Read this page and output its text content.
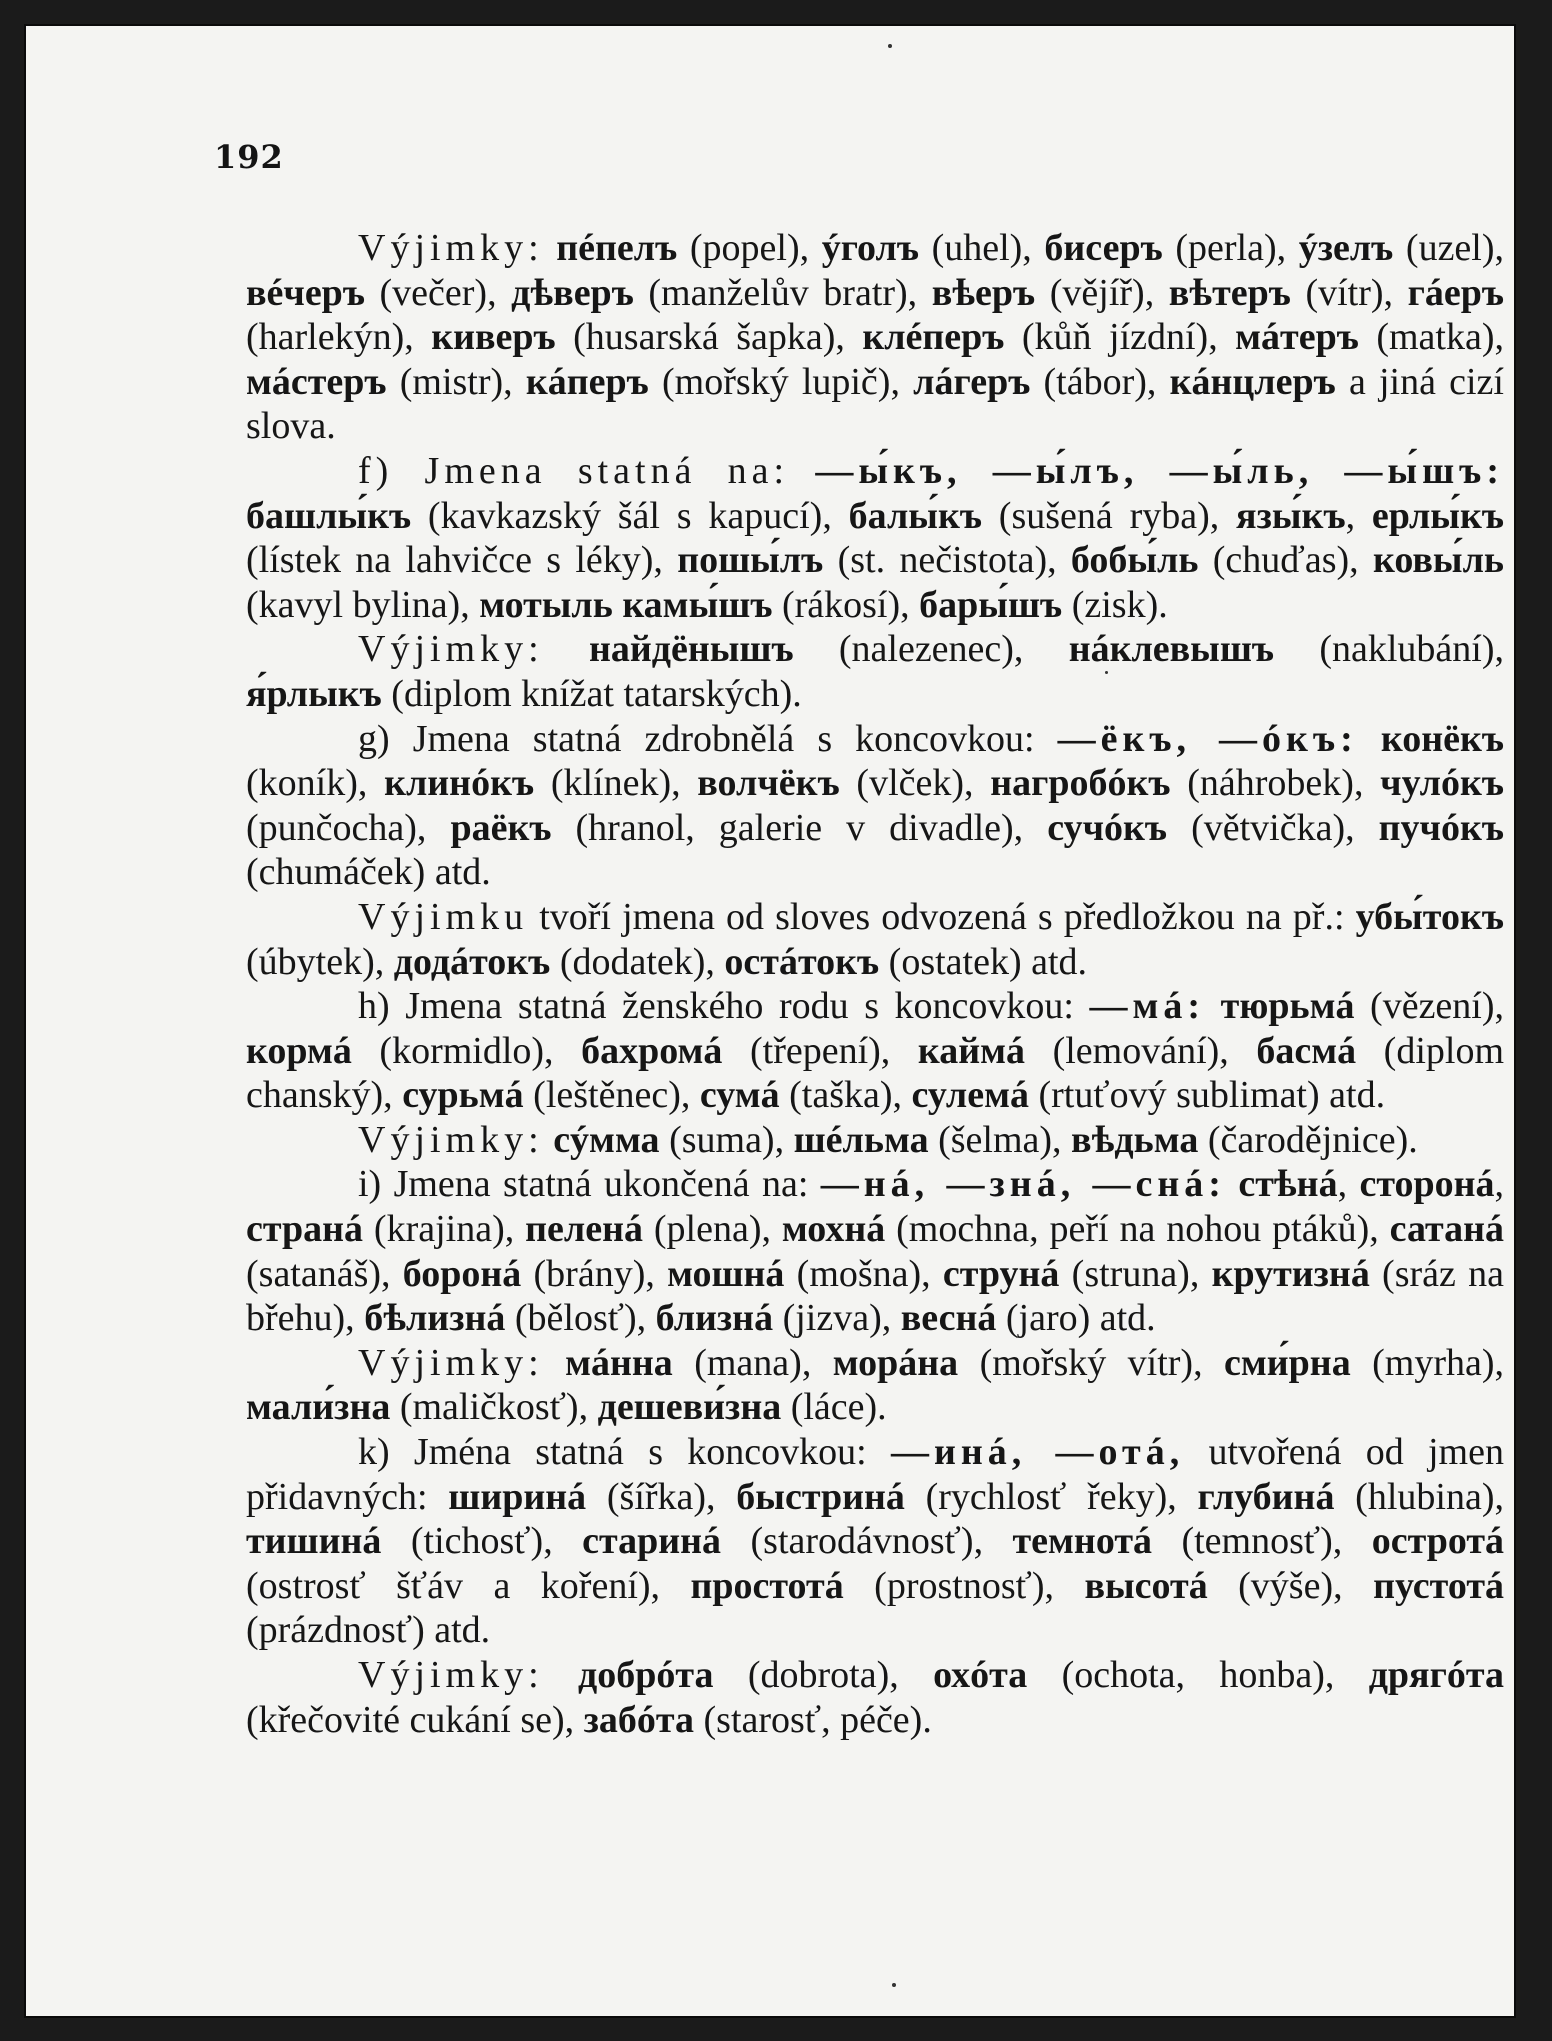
192

Výjimky: пéпелъ (popel), ýголъ (uhel), бисеръ (perla), ýзелъ (uzel), вéчеръ (večer), дѣверъ (manželův bratr), вѣеръ (vějíř), вѣтеръ (vítr), гáеръ (harlekýn), киверъ (husarská šapka), клéперъ (kůň jízdní), мáтеръ (matka), мáстеръ (mistr), кáперъ (mořský lupič), лáгеръ (tábor), кáнцлеръ a jiná cizí slova.

f) Jmena statná na: —ы́къ, —ы́лъ, —ы́ль, —ы́шъ: башлы́къ (kavkazský šál s kapucí), балы́къ (sušená ryba), язы́къ, ерлы́къ (lístek na lahvičce s léky), пошы́лъ (st. nečistota), бобы́ль (chuďas), ковы́ль (kavyl bylina), мотыль камы́шъ (rákosí), бары́шъ (zisk).

Výjimky: найдёнышъ (nalezenec), нáклевышъ (naklubání), я́рлыкъ (diplom knížat tatarských).

g) Jmena statná zdrobnělá s koncovkou: —ёкъ, —óкъ: конёкъ (koník), клинóкъ (klínek), волчёкъ (vlček), нагробóкъ (náhrobek), чулóкъ (punčocha), раёкъ (hranol, galerie v divadle), сучóкъ (větvička), пучóкъ (chumáček) atd.

Výjimku tvoří jmena od sloves odvozená s předložkou na př.: убы́токъ (úbytek), додáтокъ (dodatek), остáтокъ (ostatek) atd.

h) Jmena statná ženského rodu s koncovkou: —мá: тюрьмá (vězení), кормá (kormidlo), бахромá (třepení), каймá (lemování), басмá (diplom chanský), сурьмá (leštěnec), сумá (taška), сулемá (rtuťový sublimat) atd.

Výjimky: сýмма (suma), шéльма (šelma), вѣдьма (čarodějnice).

i) Jmena statná ukončená na: —нá, —знá, —снá: стѣнá, сторонá, странá (krajina), пеленá (plena), мохнá (mochna, peří na nohou ptáků), сатанá (satanáš), боронá (brány), мошнá (mošna), струнá (struna), крутизнá (sráz na břehu), бѣлизнá (bělosť), близнá (jizva), веснá (jaro) atd.

Výjimky: мáнна (mana), морáна (mořský vítr), сми́рна (myrha), мали́зна (maličkosť), дешеви́зна (láce).

k) Jména statná s koncovkou: —инá, —отá, utvořená od jmen přidavných: ширинá (šířka), быстринá (rychlosť řeky), глубинá (hlubina), тишинá (tichosť), стаpинá (starodávnosť), темнотá (temnosť), остротá (ostrosť šťáv a koření), простотá (prostnosť), высотá (výše), пустотá (prázdnosť) atd.

Výjimky: добрóта (dobrota), охóта (ochota, honba), дрягóта (křečovité cukání se), забóта (starosť, péče).
